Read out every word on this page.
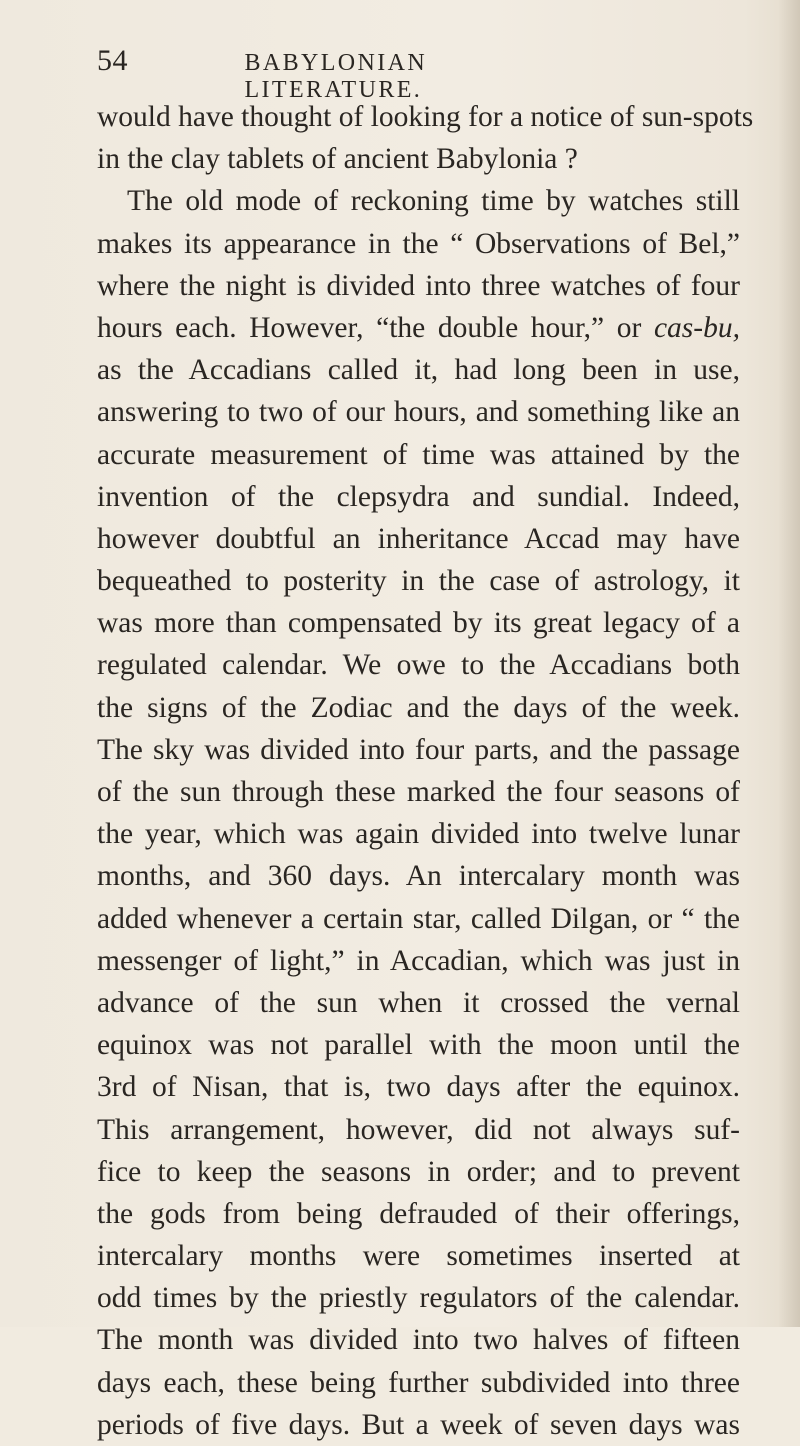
54	BABYLONIAN LITERATURE.
would have thought of looking for a notice of sun-spots
in the clay tablets of ancient Babylonia ?
The old mode of reckoning time by watches still
makes its appearance in the “ Observations of Bel,”
where the night is divided into three watches of four
hours each. However, “the double hour,” or cas-bu,
as the Accadians called it, had long been in use,
answering to two of our hours, and something like an
accurate measurement of time was attained by the
invention of the clepsydra and sundial. Indeed,
however doubtful an inheritance Accad may have
bequeathed to posterity in the case of astrology, it
was more than compensated by its great legacy of a
regulated calendar. We owe to the Accadians both
the signs of the Zodiac and the days of the week.
The sky was divided into four parts, and the passage
of the sun through these marked the four seasons of
the year, which was again divided into twelve lunar
months, and 360 days. An intercalary month was
added whenever a certain star, called Dilgan, or “ the
messenger of light,” in Accadian, which was just in
advance of the sun when it crossed the vernal
equinox was not parallel with the moon until the
3rd of Nisan, that is, two days after the equinox.
This arrangement, however, did not always suf-
fice to keep the seasons in order; and to prevent
the gods from being defrauded of their offerings,
intercalary months were sometimes inserted at
odd times by the priestly regulators of the calendar.
The month was divided into two halves of fifteen
days each, these being further subdivided into three
periods of five days. But a week of seven days was
